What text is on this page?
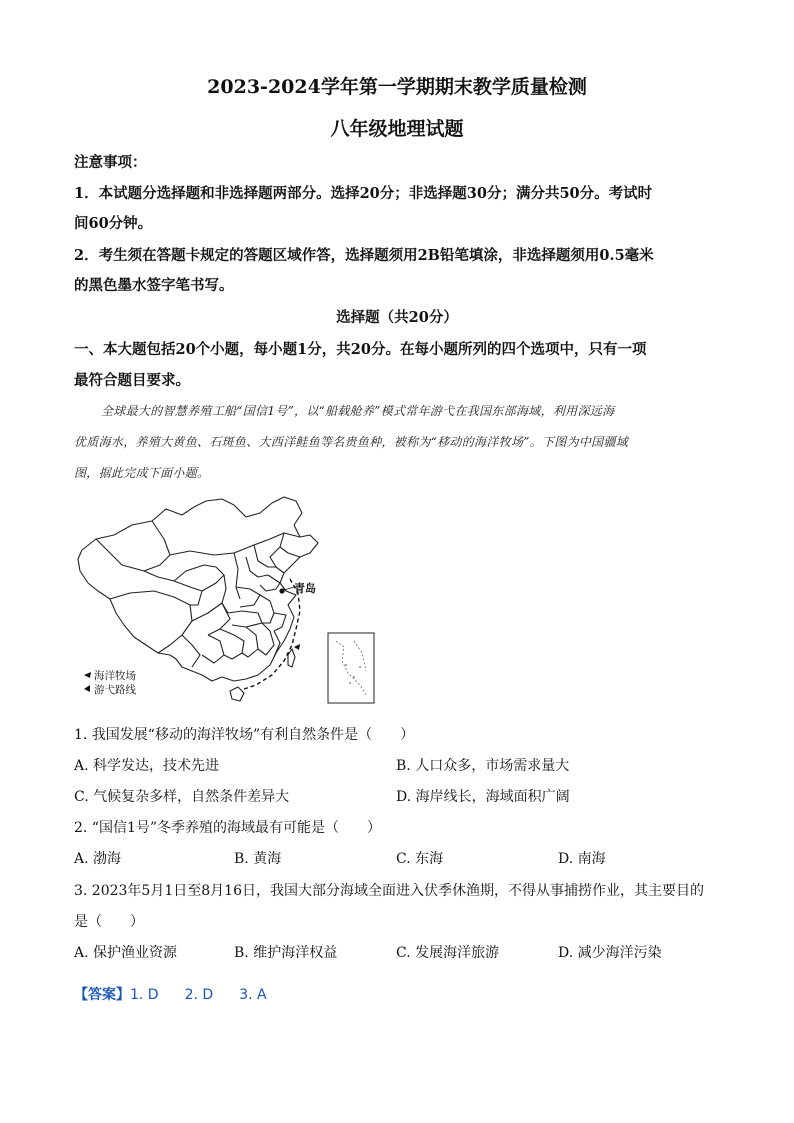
2023-2024学年第一学期期末教学质量检测
八年级地理试题
注意事项：
1．本试题分选择题和非选择题两部分。选择20分；非选择题30分；满分共50分。考试时
间60分钟。
2．考生须在答题卡规定的答题区域作答，选择题须用2B铅笔填涂，非选择题须用0.5毫米
的黑色墨水签字笔书写。
选择题（共20分）
一、本大题包括20个小题，每小题1分，共20分。在每小题所列的四个选项中，只有一项
最符合题目要求。
全球最大的智慧养殖工船“国信1号”，以“船载舱养”模式常年游弋在我国东部海域，利用深远海
优质海水，养殖大黄鱼、石斑鱼、大西洋鲑鱼等名贵鱼种，被称为“移动的海洋牧场”。下图为中国疆域
图，据此完成下面小题。
青岛
海洋牧场
游弋路线
1. 我国发展“移动的海洋牧场”有利自然条件是（　　）
A. 科学发达，技术先进	B. 人口众多，市场需求量大
C. 气候复杂多样，自然条件差异大	D. 海岸线长，海域面积广阔
2. “国信1号”冬季养殖的海域最有可能是（　　）
A. 渤海	B. 黄海	C. 东海	D. 南海
3. 2023年5月1日至8月16日，我国大部分海域全面进入伏季休渔期，不得从事捕捞作业，其主要目的
是（　　）
A. 保护渔业资源	B. 维护海洋权益	C. 发展海洋旅游	D. 减少海洋污染
【答案】1. D 2. D 3. A
